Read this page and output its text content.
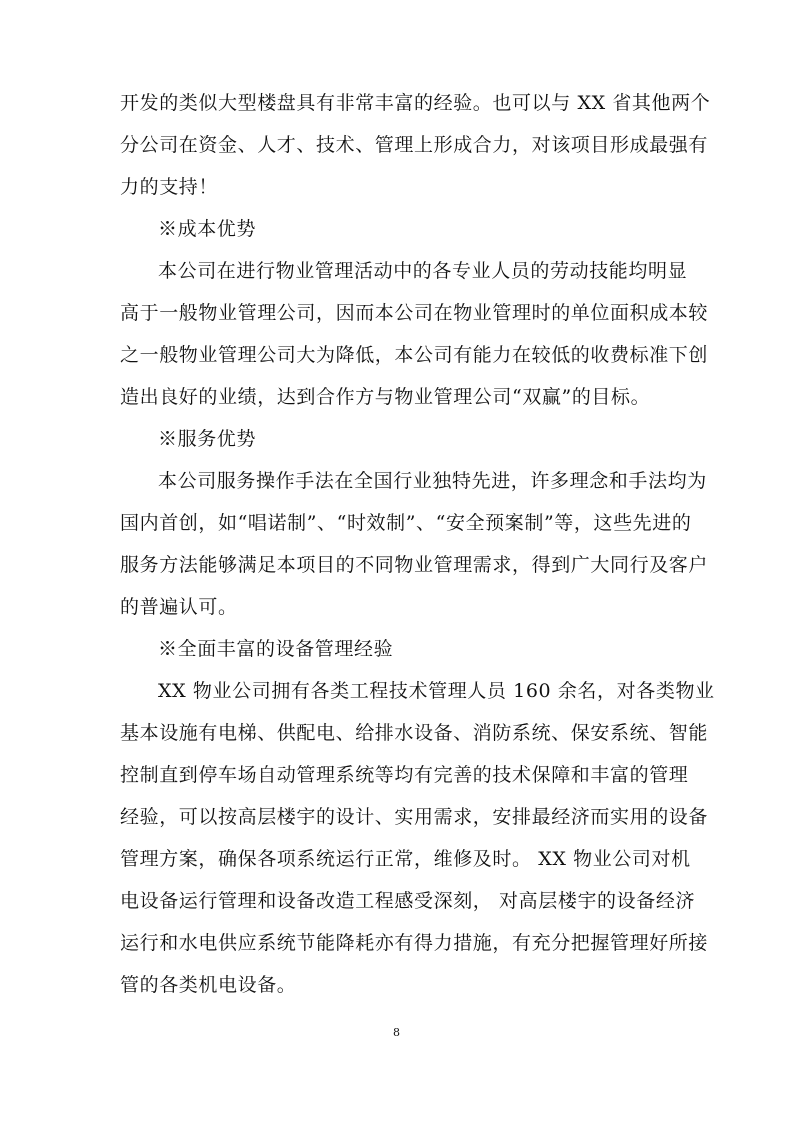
开发的类似大型楼盘具有非常丰富的经验。也可以与 XX 省其他两个
分公司在资金、人才、技术、管理上形成合力，对该项目形成最强有
力的支持！
※成本优势
本公司在进行物业管理活动中的各专业人员的劳动技能均明显
高于一般物业管理公司，因而本公司在物业管理时的单位面积成本较
之一般物业管理公司大为降低，本公司有能力在较低的收费标准下创
造出良好的业绩，达到合作方与物业管理公司“双赢”的目标。
※服务优势
本公司服务操作手法在全国行业独特先进，许多理念和手法均为
国内首创，如“唱诺制”、“时效制”、“安全预案制”等，这些先进的
服务方法能够满足本项目的不同物业管理需求，得到广大同行及客户
的普遍认可。
※全面丰富的设备管理经验
XX 物业公司拥有各类工程技术管理人员 160 余名，对各类物业
基本设施有电梯、供配电、给排水设备、消防系统、保安系统、智能
控制直到停车场自动管理系统等均有完善的技术保障和丰富的管理
经验，可以按高层楼宇的设计、实用需求，安排最经济而实用的设备
管理方案，确保各项系统运行正常，维修及时。 XX 物业公司对机
电设备运行管理和设备改造工程感受深刻， 对高层楼宇的设备经济
运行和水电供应系统节能降耗亦有得力措施，有充分把握管理好所接
管的各类机电设备。
8
